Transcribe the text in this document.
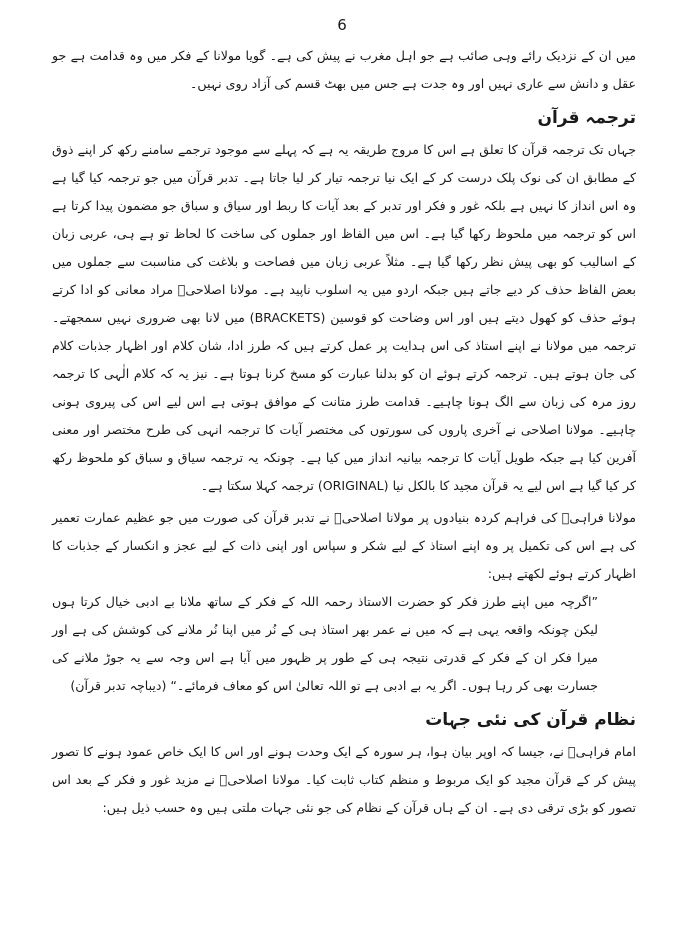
6

میں ان کے نزدیک رائے وہی صائب ہے جو اہل مغرب نے پیش کی ہے۔ گویا مولانا کے فکر میں وہ قدامت ہے جو عقل و دانش سے عاری نہیں اور وہ جدت ہے جس میں بھٹ قسم کی آزاد روی نہیں۔

ترجمہ قرآن

جہاں تک ترجمہ قرآن کا تعلق ہے اس کا مروج طریقہ یہ ہے کہ پہلے سے موجود ترجمے سامنے رکھ کر اپنے ذوق کے مطابق ان کی نوک پلک درست کر کے ایک نیا ترجمہ تیار کر لیا جاتا ہے۔ تدبر قرآن میں جو ترجمہ کیا گیا ہے وہ اس انداز کا نہیں ہے بلکہ غور و فکر اور تدبر کے بعد آیات کا ربط اور سیاق و سباق جو مضمون پیدا کرتا ہے اس کو ترجمہ میں ملحوظ رکھا گیا ہے۔ اس میں الفاظ اور جملوں کی ساخت کا لحاظ تو ہے ہی، عربی زبان کے اسالیب کو بھی پیش نظر رکھا گیا ہے۔ مثلاً عربی زبان میں فصاحت و بلاغت کی مناسبت سے جملوں میں بعض الفاظ حذف کر دیے جاتے ہیں جبکہ اردو میں یہ اسلوب ناپید ہے۔ مولانا اصلاحیؒ مراد معانی کو ادا کرتے ہوئے حذف کو کھول دیتے ہیں اور اس وضاحت کو قوسین (BRACKETS) میں لانا بھی ضروری نہیں سمجھتے۔ ترجمہ میں مولانا نے اپنے استاذ کی اس ہدایت پر عمل کرتے ہیں کہ طرز ادا، شان کلام اور اظہار جذبات کلام کی جان ہوتے ہیں۔ ترجمہ کرتے ہوئے ان کو بدلنا عبارت کو مسخ کرنا ہوتا ہے۔ نیز یہ کہ کلام الٰہی کا ترجمہ روز مرہ کی زبان سے الگ ہونا چاہیے۔ قدامت طرز متانت کے موافق ہوتی ہے اس لیے اس کی پیروی ہونی چاہیے۔ مولانا اصلاحی نے آخری پاروں کی سورتوں کی مختصر آیات کا ترجمہ انہی کی طرح مختصر اور معنی آفرین کیا ہے جبکہ طویل آیات کا ترجمہ بیانیہ انداز میں کیا ہے۔ چونکہ یہ ترجمہ سیاق و سباق کو ملحوظ رکھ کر کیا گیا ہے اس لیے یہ قرآن مجید کا بالکل نیا (ORIGINAL) ترجمہ کہلا سکتا ہے۔

مولانا فراہیؒ کی فراہم کردہ بنیادوں پر مولانا اصلاحیؒ نے تدبر قرآن کی صورت میں جو عظیم عمارت تعمیر کی ہے اس کی تکمیل پر وہ اپنے استاذ کے لیے شکر و سپاس اور اپنی ذات کے لیے عجز و انکسار کے جذبات کا اظہار کرتے ہوئے لکھتے ہیں:

”اگرچہ میں اپنے طرز فکر کو حضرت الاستاذ رحمہ اللہ کے فکر کے ساتھ ملانا بے ادبی خیال کرتا ہوں لیکن چونکہ واقعہ یہی ہے کہ میں نے عمر بھر استاذ ہی کے نُر میں اپنا نُر ملانے کی کوشش کی ہے اور میرا فکر ان کے فکر کے قدرتی نتیجہ ہی کے طور پر ظہور میں آیا ہے اس وجہ سے یہ جوڑ ملانے کی جسارت بھی کر رہا ہوں۔ اگر یہ بے ادبی ہے تو اللہ تعالیٰ اس کو معاف فرمائے۔“ (دیباچہ تدبر قرآن)

نظام قرآن کی نئی جہات

امام فراہیؒ نے، جیسا کہ اوپر بیان ہوا، ہر سورہ کے ایک وحدت ہونے اور اس کا ایک خاص عمود ہونے کا تصور پیش کر کے قرآن مجید کو ایک مربوط و منظم کتاب ثابت کیا۔ مولانا اصلاحیؒ نے مزید غور و فکر کے بعد اس تصور کو بڑی ترقی دی ہے۔ ان کے ہاں قرآن کے نظام کی جو نئی جہات ملتی ہیں وہ حسب ذیل ہیں:
